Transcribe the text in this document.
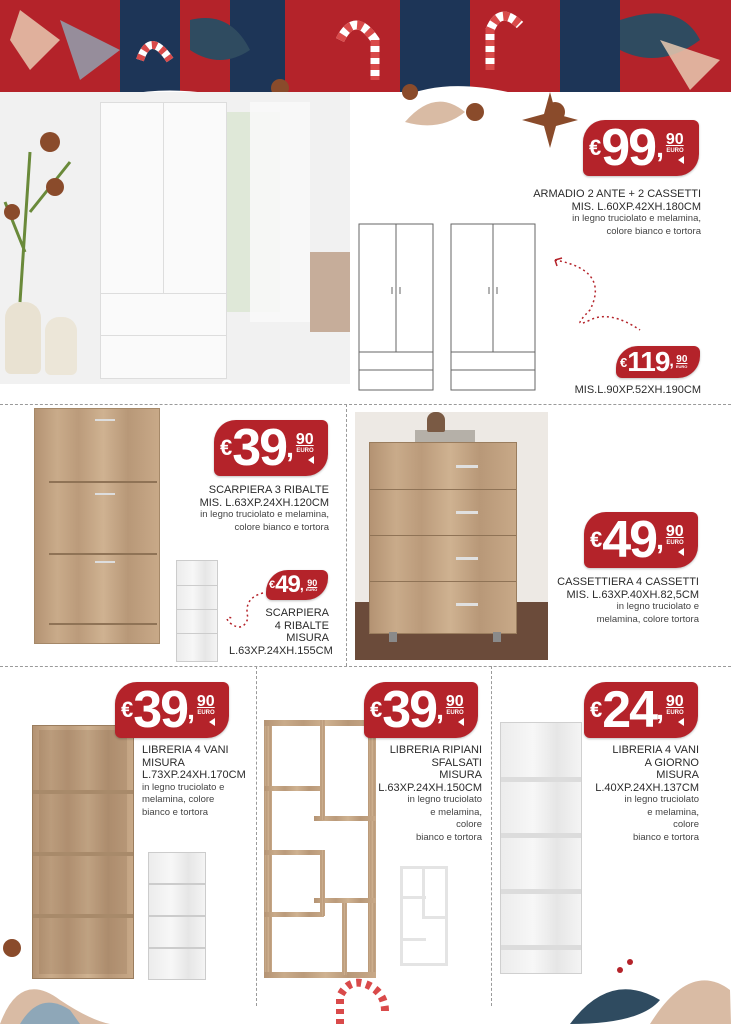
€ 99 , 90
EURO
ARMADIO 2 ANTE + 2 CASSETTI
MIS. L.60XP.42XH.180CM
in legno truciolato e melamina,
colore bianco e tortora
€ 119 , 90
EURO
MIS.L.90XP.52XH.190CM
€ 39 , 90
EURO
SCARPIERA 3 RIBALTE
MIS. L.63XP.24XH.120CM
in legno truciolato e melamina,
colore bianco e tortora
€ 49 , 90
EURO
SCARPIERA
4 RIBALTE
MISURA
L.63XP.24XH.155CM
€ 49 , 90
EURO
CASSETTIERA 4 CASSETTI
MIS. L.63XP.40XH.82,5CM
in legno truciolato e
melamina, colore tortora
€ 39 , 90
EURO
LIBRERIA 4 VANI
MISURA
L.73XP.24XH.170CM
in legno truciolato e
melamina, colore
bianco e tortora
€ 39 , 90
EURO
LIBRERIA RIPIANI
SFALSATI
MISURA
L.63XP.24XH.150CM
in legno truciolato
e melamina,
colore
bianco e tortora
€ 24 , 90
EURO
LIBRERIA 4 VANI
A GIORNO
MISURA
L.40XP.24XH.137CM
in legno truciolato
e melamina,
colore
bianco e tortora
